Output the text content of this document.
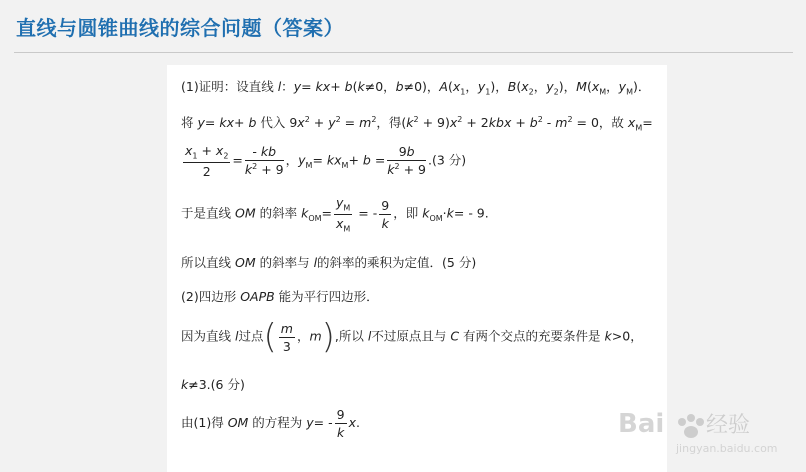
直线与圆锥曲线的综合问题（答案）
(1)证明：设直线 l：y= kx+ b(k≠0，b≠0)，$A(x_1$，$y_1$)，$B(x_2$，$y_2$)，$M(x_M$，$y_M$)．
将 y= kx+ b 代入 $9x^2 + y^2 = m^2$，得$(k^2 + 9)x^2 + 2kbx + b^2 - m^2 = 0$，故 $x_M=$
$\frac{x_1 + x_2}{2} = \frac{- kb}{k^2 + 9}$ ，$y_M= kx_M+ b = \frac{9b}{k^2 + 9} .(3$ 分)
于是直线 OM 的斜率 $k_{OM}= \frac{y_M}{x_M}$ = - $\frac{9}{k}$ ，即 $k_{OM}\cdot k= - 9$.
所以直线 OM 的斜率与 l的斜率的乘积为定值．(5 分)
(2)四边形 OAPB 能为平行四边形．
因为直线 l过点( $\frac{m}{3}$ ，m),所以 l不过原点且与 C 有两个交点的充要条件是 k>0，
k≠3.(6 分)
由(1)得 OM 的方程为 $y= - \frac{9}{k} x$.	Bai 经验
jingyan.baidu.com
